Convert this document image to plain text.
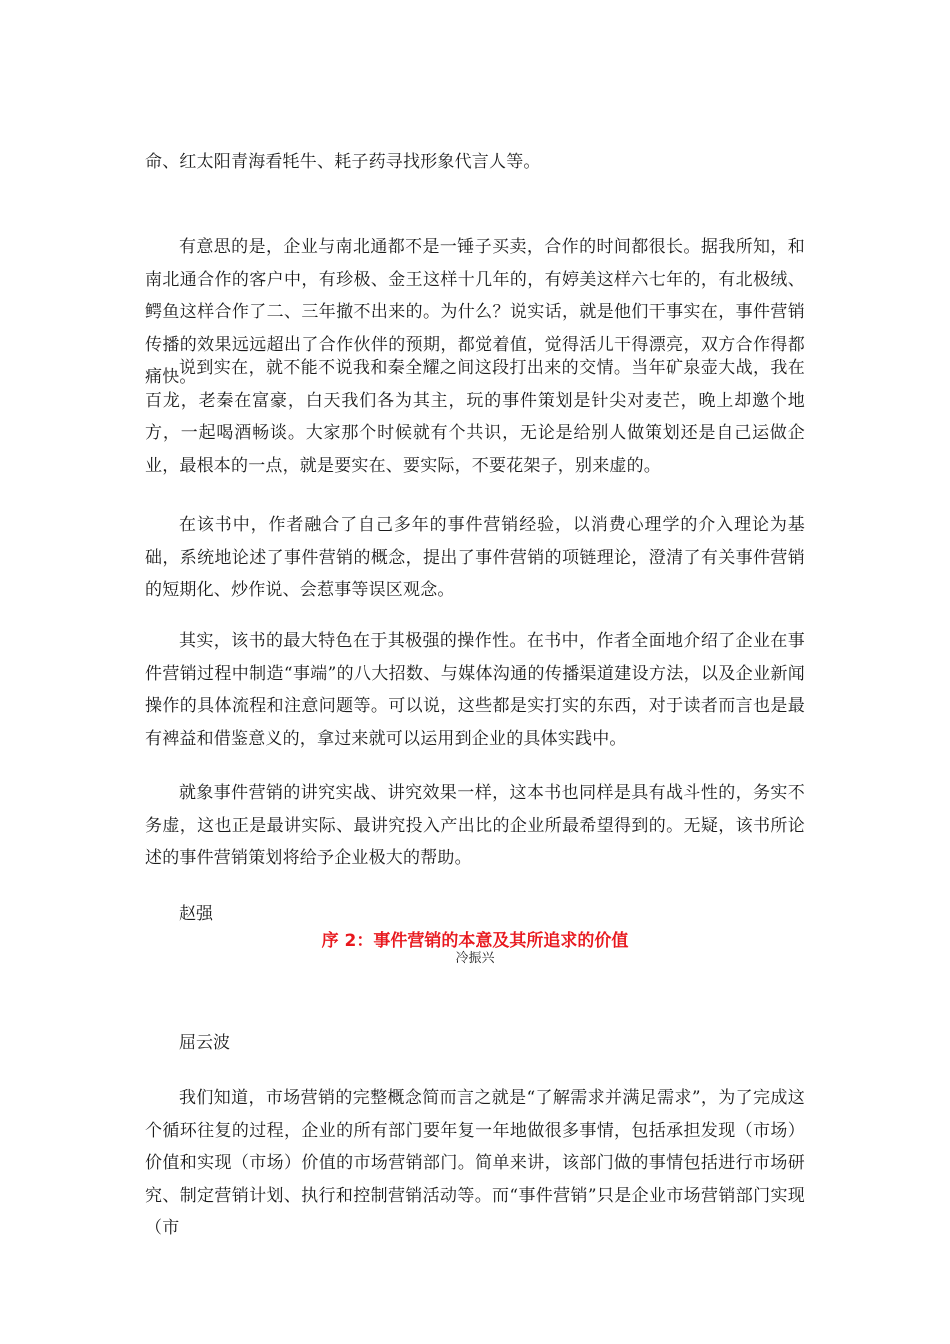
命、红太阳青海看牦牛、耗子药寻找形象代言人等。

有意思的是，企业与南北通都不是一锤子买卖，合作的时间都很长。据我所知，和南北通合作的客户中，有珍极、金王这样十几年的，有婷美这样六七年的，有北极绒、鳄鱼这样合作了二、三年撤不出来的。为什么？说实话，就是他们干事实在，事件营销传播的效果远远超出了合作伙伴的预期，都觉着值，觉得活儿干得漂亮，双方合作得都痛快。

说到实在，就不能不说我和秦全耀之间这段打出来的交情。当年矿泉壶大战，我在百龙，老秦在富豪，白天我们各为其主，玩的事件策划是针尖对麦芒，晚上却邀个地方，一起喝酒畅谈。大家那个时候就有个共识，无论是给别人做策划还是自己运做企业，最根本的一点，就是要实在、要实际，不要花架子，别来虚的。

在该书中，作者融合了自己多年的事件营销经验，以消费心理学的介入理论为基础，系统地论述了事件营销的概念，提出了事件营销的项链理论，澄清了有关事件营销的短期化、炒作说、会惹事等误区观念。

其实，该书的最大特色在于其极强的操作性。在书中，作者全面地介绍了企业在事件营销过程中制造“事端”的八大招数、与媒体沟通的传播渠道建设方法，以及企业新闻操作的具体流程和注意问题等。可以说，这些都是实打实的东西，对于读者而言也是最有裨益和借鉴意义的，拿过来就可以运用到企业的具体实践中。

就象事件营销的讲究实战、讲究效果一样，这本书也同样是具有战斗性的，务实不务虚，这也正是最讲实际、最讲究投入产出比的企业所最希望得到的。无疑，该书所论述的事件营销策划将给予企业极大的帮助。

赵强

序 2：事件营销的本意及其所追求的价值

冷振兴

屈云波

我们知道，市场营销的完整概念简而言之就是“了解需求并满足需求”，为了完成这个循环往复的过程，企业的所有部门要年复一年地做很多事情，包括承担发现（市场）价值和实现（市场）价值的市场营销部门。简单来讲，该部门做的事情包括进行市场研究、制定营销计划、执行和控制营销活动等。而“事件营销”只是企业市场营销部门实现（市
